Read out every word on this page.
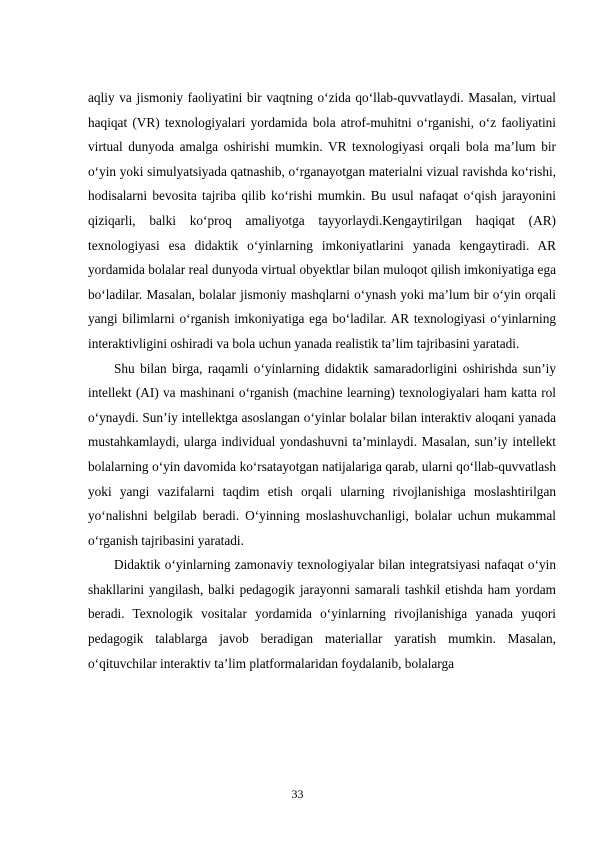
aqliy va jismoniy faoliyatini bir vaqtning o‘zida qo‘llab-quvvatlaydi. Masalan, virtual haqiqat (VR) texnologiyalari yordamida bola atrof-muhitni o‘rganishi, o‘z faoliyatini virtual dunyoda amalga oshirishi mumkin. VR texnologiyasi orqali bola ma’lum bir o‘yin yoki simulyatsiyada qatnashib, o‘rganayotgan materialni vizual ravishda ko‘rishi, hodisalarni bevosita tajriba qilib ko‘rishi mumkin. Bu usul nafaqat o‘qish jarayonini qiziqarli, balki ko‘proq amaliyotga tayyorlaydi.Kengaytirilgan haqiqat (AR) texnologiyasi esa didaktik o‘yinlarning imkoniyatlarini yanada kengaytiradi. AR yordamida bolalar real dunyoda virtual obyektlar bilan muloqot qilish imkoniyatiga ega bo‘ladilar. Masalan, bolalar jismoniy mashqlarni o‘ynash yoki ma’lum bir o‘yin orqali yangi bilimlarni o‘rganish imkoniyatiga ega bo‘ladilar. AR texnologiyasi o‘yinlarning interaktivligini oshiradi va bola uchun yanada realistik ta’lim tajribasini yaratadi.

Shu bilan birga, raqamli o‘yinlarning didaktik samaradorligini oshirishda sun’iy intellekt (AI) va mashinani o‘rganish (machine learning) texnologiyalari ham katta rol o‘ynaydi. Sun’iy intellektga asoslangan o‘yinlar bolalar bilan interaktiv aloqani yanada mustahkamlaydi, ularga individual yondashuvni ta’minlaydi. Masalan, sun’iy intellekt bolalarning o‘yin davomida ko‘rsatayotgan natijalariga qarab, ularni qo‘llab-quvvatlash yoki yangi vazifalarni taqdim etish orqali ularning rivojlanishiga moslashtirilgan yo‘nalishni belgilab beradi. O‘yinning moslashuvchanligi, bolalar uchun mukammal o‘rganish tajribasini yaratadi.

Didaktik o‘yinlarning zamonaviy texnologiyalar bilan integratsiyasi nafaqat o‘yin shakllarini yangilash, balki pedagogik jarayonni samarali tashkil etishda ham yordam beradi. Texnologik vositalar yordamida o‘yinlarning rivojlanishiga yanada yuqori pedagogik talablarga javob beradigan materiallar yaratish mumkin. Masalan, o‘qituvchilar interaktiv ta’lim platformalaridan foydalanib, bolalarga

33
